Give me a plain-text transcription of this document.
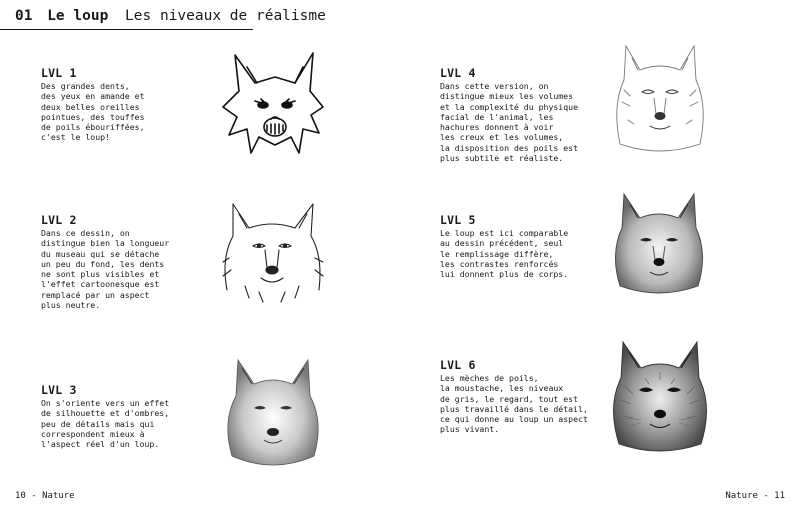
01 Le loup Les niveaux de réalisme
LVL 1
Des grandes dents,
des yeux en amande et
deux belles oreilles
pointues, des touffes
de poils ébouriffées,
c'est le loup!
LVL 2
Dans ce dessin, on
distingue bien la longueur
du museau qui se détache
un peu du fond, les dents
ne sont plus visibles et
l'effet cartoonesque est
remplacé par un aspect
plus neutre.
LVL 3
On s'oriente vers un effet
de silhouette et d'ombres,
peu de détails mais qui
correspondent mieux à
l'aspect réel d'un loup.
LVL 4
Dans cette version, on
distingue mieux les volumes
et la complexité du physique
facial de l'animal, les
hachures donnent à voir
les creux et les volumes,
la disposition des poils est
plus subtile et réaliste.
LVL 5
Le loup est ici comparable
au dessin précédent, seul
le remplissage diffère,
les contrastes renforcés
lui donnent plus de corps.
LVL 6
Les mèches de poils,
la moustache, les niveaux
de gris, le regard, tout est
plus travaillé dans le détail,
ce qui donne au loup un aspect
plus vivant.
10 - Nature	Nature - 11
